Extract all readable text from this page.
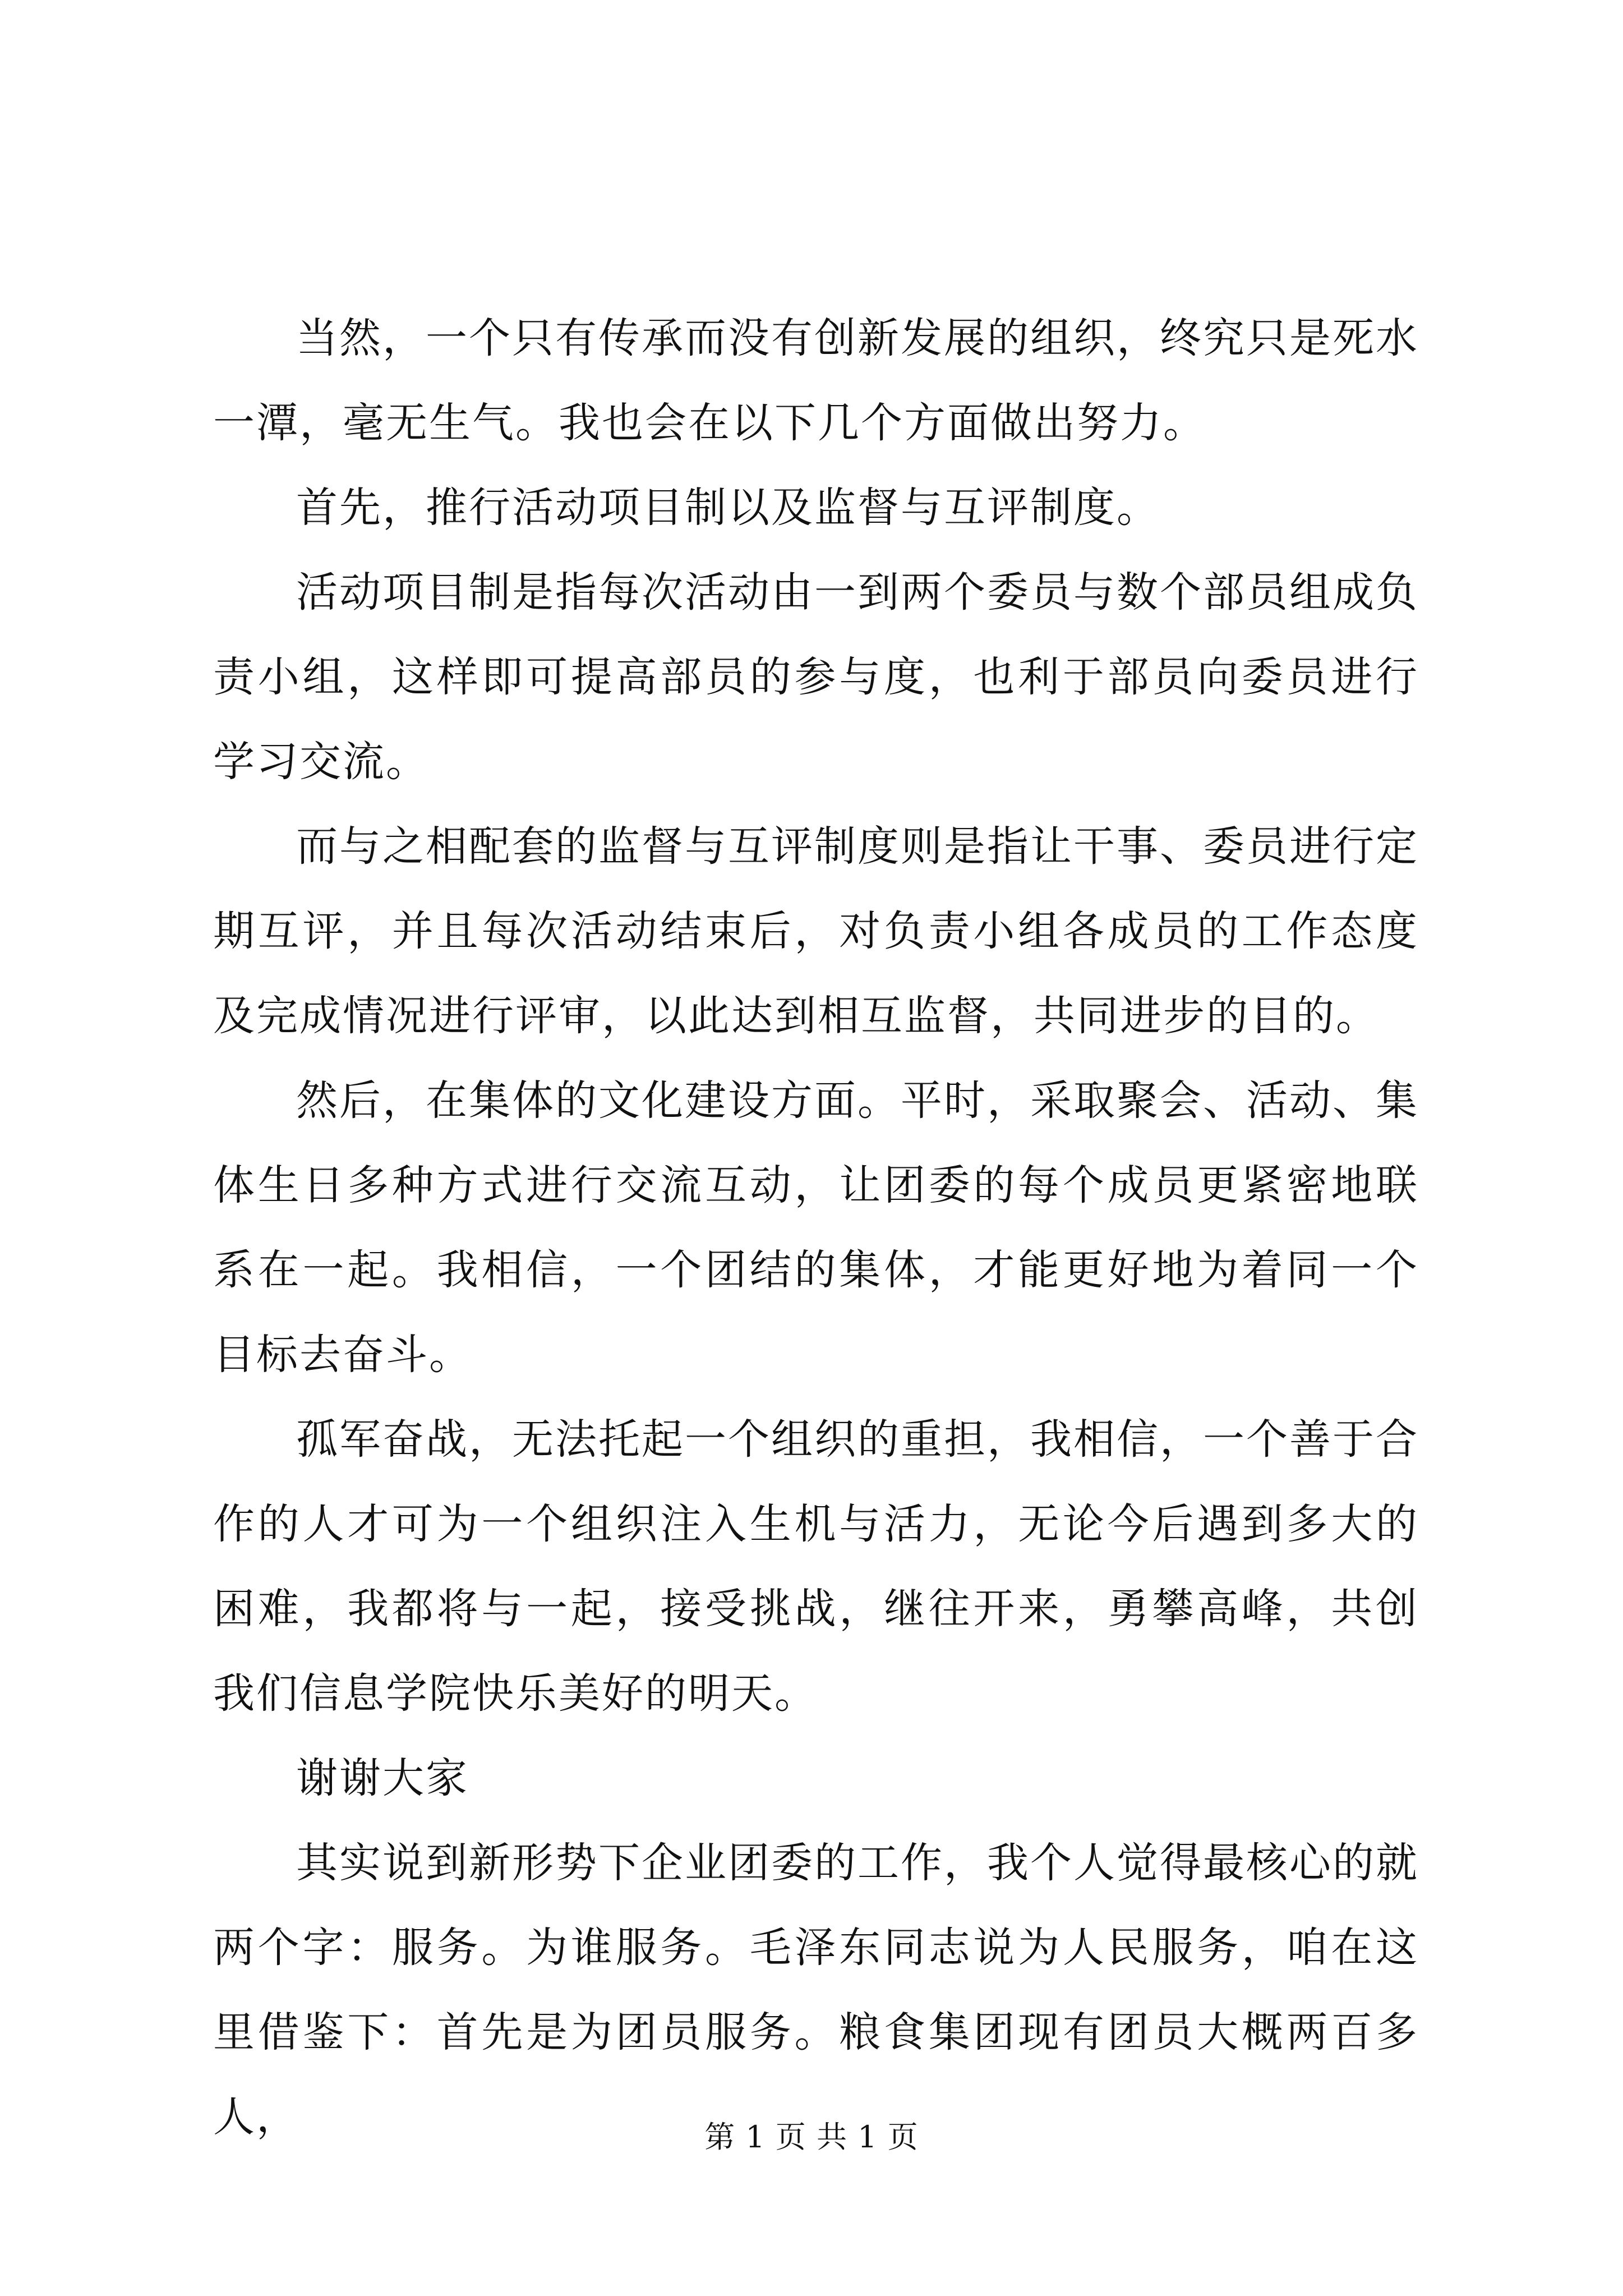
当然，一个只有传承而没有创新发展的组织，终究只是死水一潭，毫无生气。我也会在以下几个方面做出努力。

首先，推行活动项目制以及监督与互评制度。

活动项目制是指每次活动由一到两个委员与数个部员组成负责小组，这样即可提高部员的参与度，也利于部员向委员进行学习交流。

而与之相配套的监督与互评制度则是指让干事、委员进行定期互评，并且每次活动结束后，对负责小组各成员的工作态度及完成情况进行评审，以此达到相互监督，共同进步的目的。

然后，在集体的文化建设方面。平时，采取聚会、活动、集体生日多种方式进行交流互动，让团委的每个成员更紧密地联系在一起。我相信，一个团结的集体，才能更好地为着同一个目标去奋斗。

孤军奋战，无法托起一个组织的重担，我相信，一个善于合作的人才可为一个组织注入生机与活力，无论今后遇到多大的困难，我都将与一起，接受挑战，继往开来，勇攀高峰，共创我们信息学院快乐美好的明天。

谢谢大家

其实说到新形势下企业团委的工作，我个人觉得最核心的就两个字：服务。为谁服务。毛泽东同志说为人民服务，咱在这里借鉴下：首先是为团员服务。粮食集团现有团员大概两百多人，	第 1 页 共 1 页
